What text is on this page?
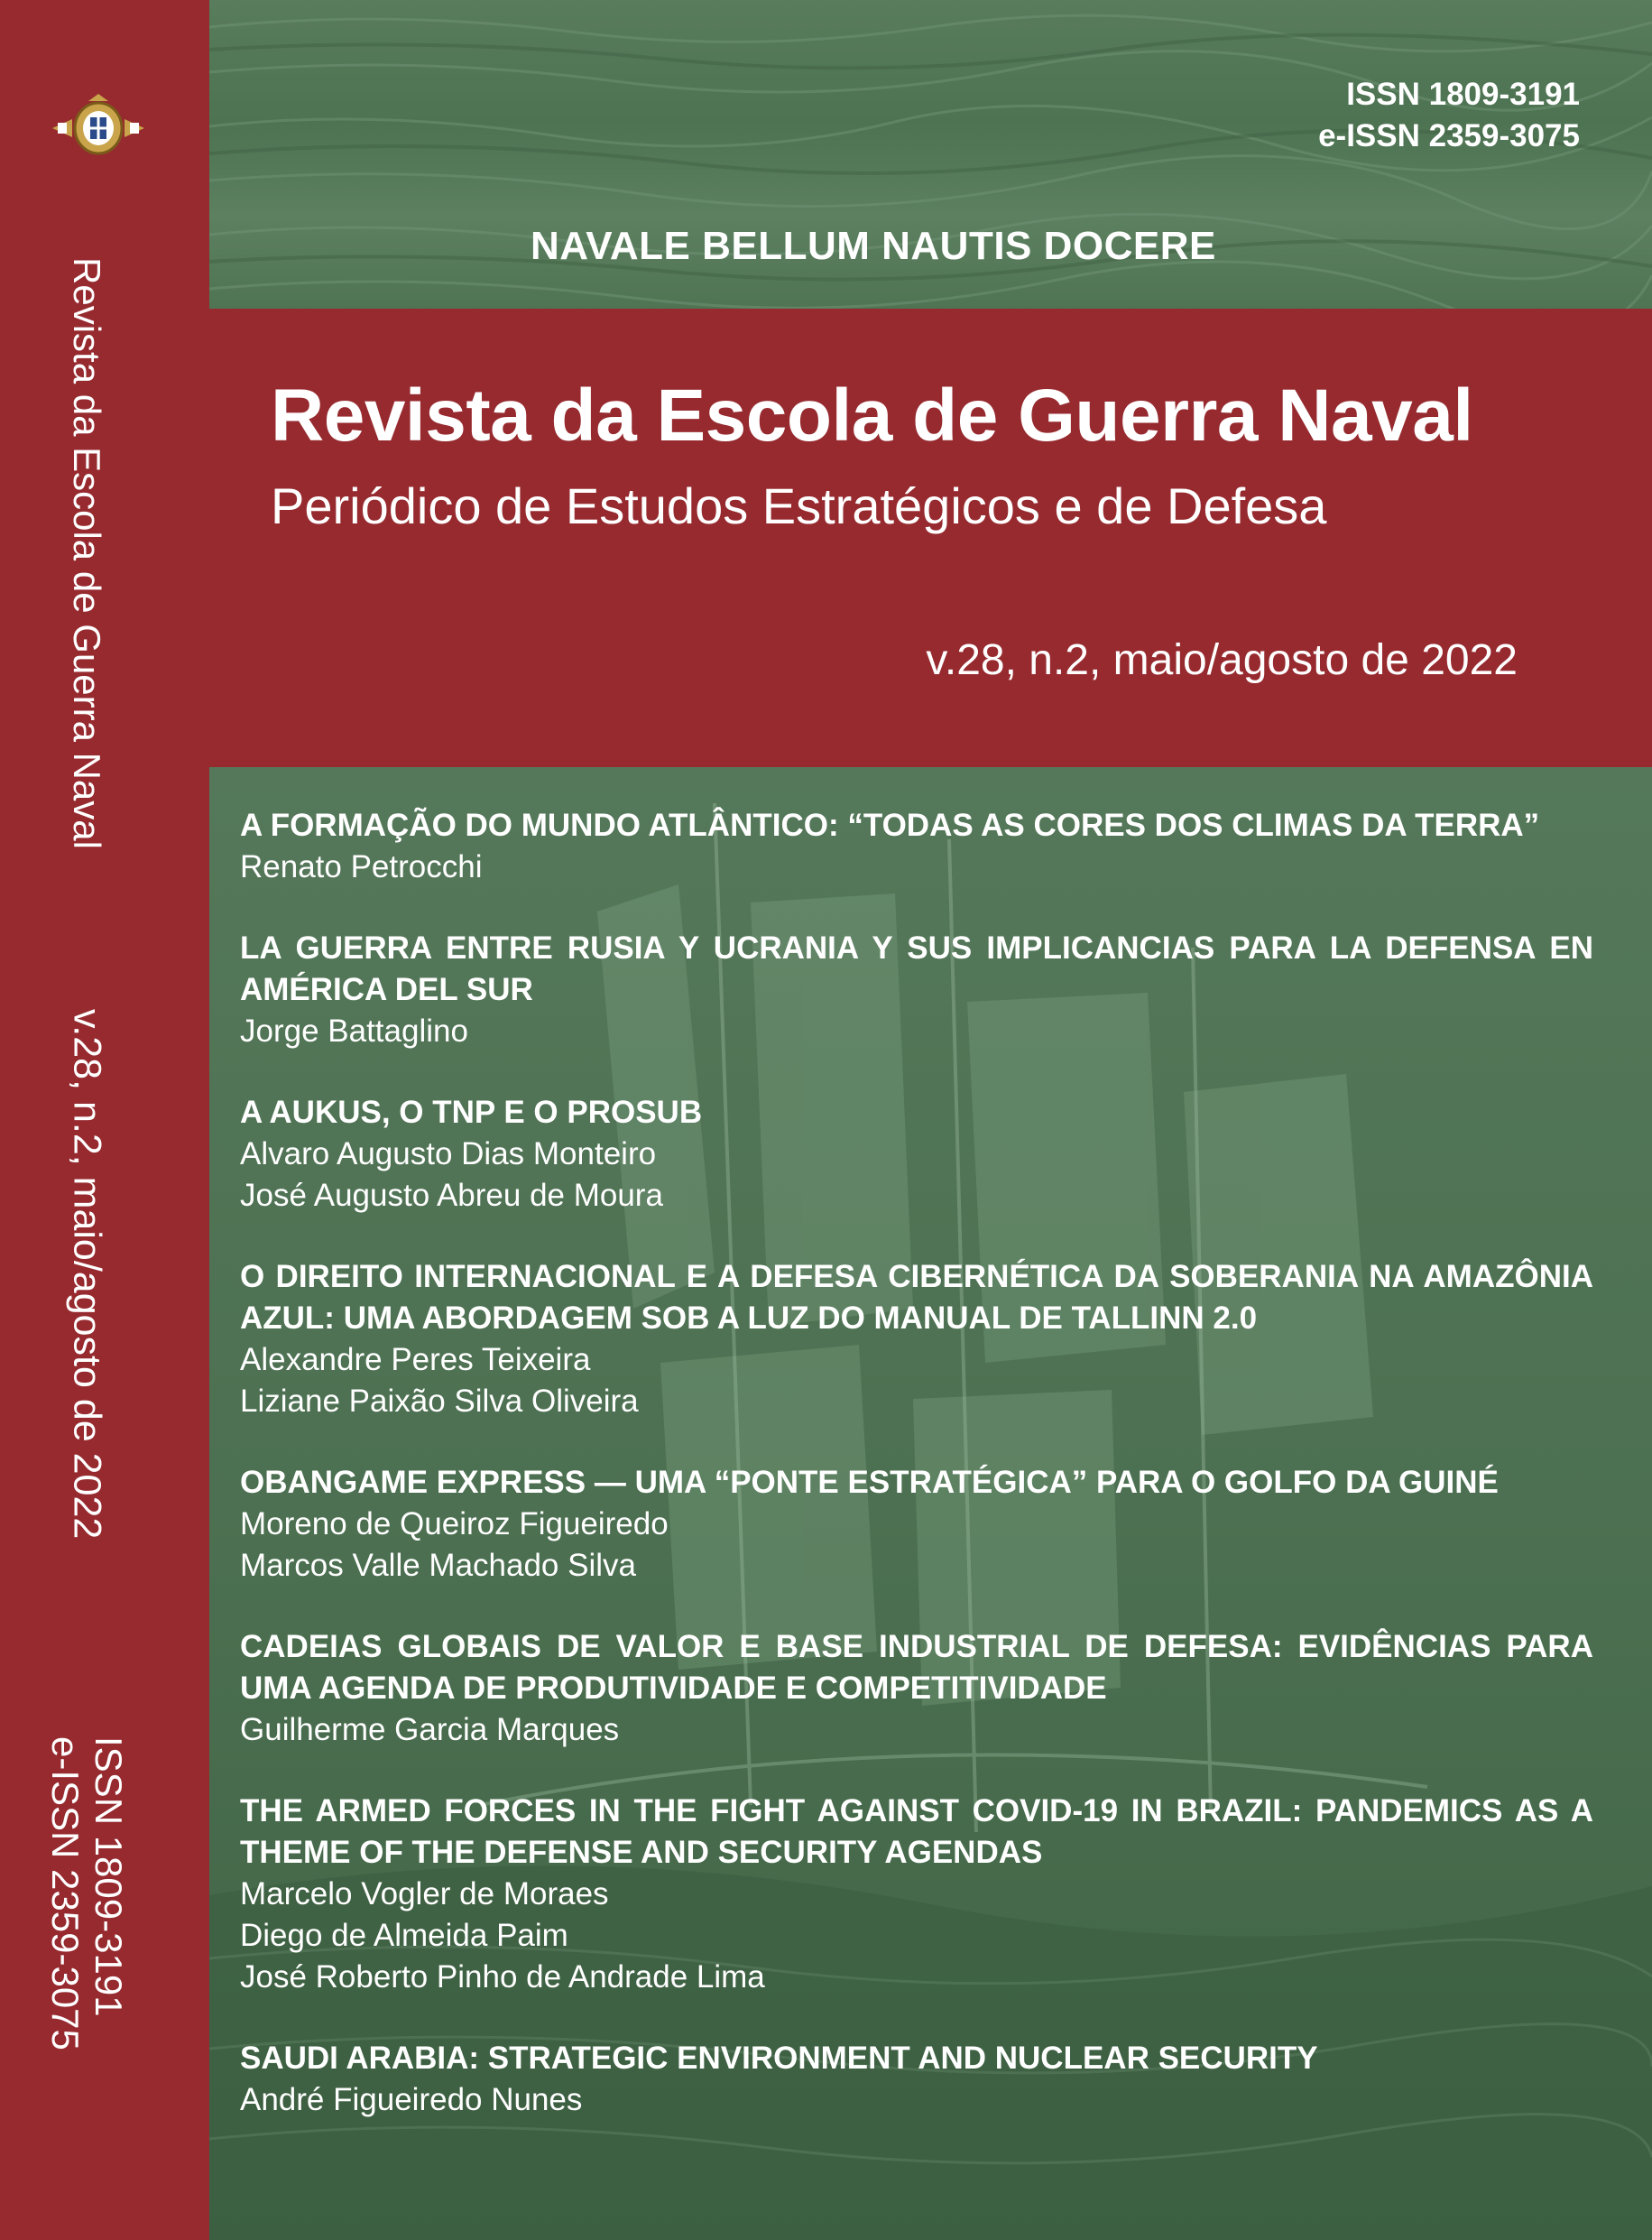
Revista da Escola de Guerra Naval
v.28, n.2, maio/agosto de 2022
ISSN 1809-3191
e-ISSN 2359-3075
ISSN 1809-3191
e-ISSN 2359-3075
NAVALE BELLUM NAUTIS DOCERE
Revista da Escola de Guerra Naval
Periódico de Estudos Estratégicos e de Defesa
v.28, n.2, maio/agosto de 2022
A FORMAÇÃO DO MUNDO ATLÂNTICO: “TODAS AS CORES DOS CLIMAS DA TERRA”
Renato Petrocchi
LA GUERRA ENTRE RUSIA Y UCRANIA Y SUS IMPLICANCIAS PARA LA DEFENSA EN AMÉRICA DEL SUR
Jorge Battaglino
A AUKUS, O TNP E O PROSUB
Alvaro Augusto Dias Monteiro
José Augusto Abreu de Moura
O DIREITO INTERNACIONAL E A DEFESA CIBERNÉTICA DA SOBERANIA NA AMAZÔNIA AZUL: UMA ABORDAGEM SOB A LUZ DO MANUAL DE TALLINN 2.0
Alexandre Peres Teixeira
Liziane Paixão Silva Oliveira
OBANGAME EXPRESS — UMA “PONTE ESTRATÉGICA” PARA O GOLFO DA GUINÉ
Moreno de Queiroz Figueiredo
Marcos Valle Machado Silva
CADEIAS GLOBAIS DE VALOR E BASE INDUSTRIAL DE DEFESA: EVIDÊNCIAS PARA UMA AGENDA DE PRODUTIVIDADE E COMPETITIVIDADE
Guilherme Garcia Marques
THE ARMED FORCES IN THE FIGHT AGAINST COVID-19 IN BRAZIL: PANDEMICS AS A THEME OF THE DEFENSE AND SECURITY AGENDAS
Marcelo Vogler de Moraes
Diego de Almeida Paim
José Roberto Pinho de Andrade Lima
SAUDI ARABIA: STRATEGIC ENVIRONMENT AND NUCLEAR SECURITY
André Figueiredo Nunes
